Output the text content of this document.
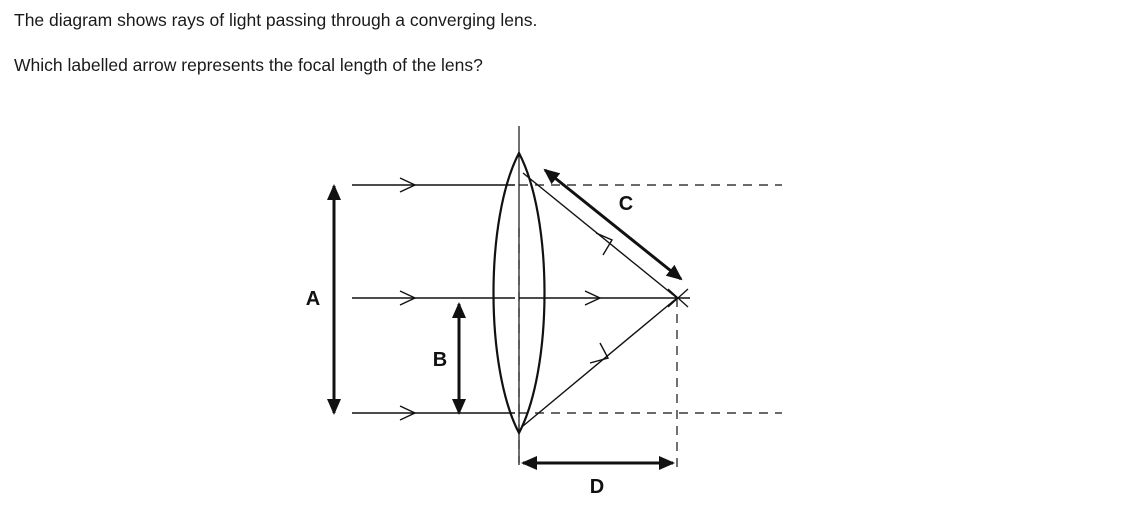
The diagram shows rays of light passing through a converging lens.

Which labelled arrow represents the focal length of the lens?

A
B
C
D
